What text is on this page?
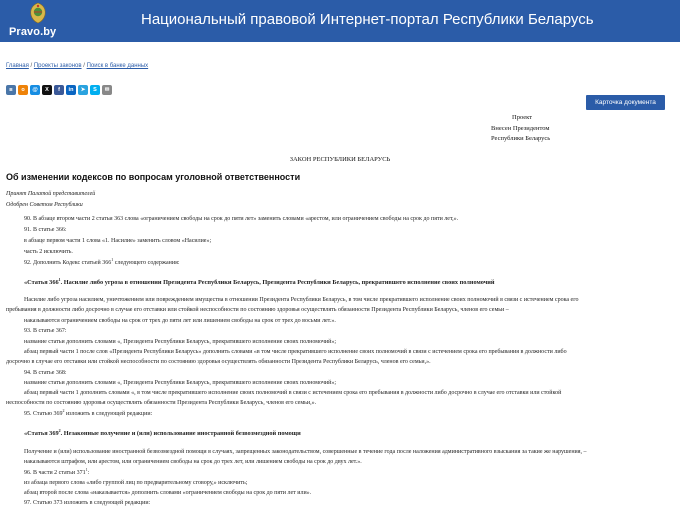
Pravo.by
Национальный правовой Интернет-портал Республики Беларусь
Главная / Проекты законов / Поиск в банке данных
в	о	@	X	f	in	➤	S	✉
Карточка документа
Проект
Внесен Президентом
Республики Беларусь
ЗАКОН РЕСПУБЛИКИ БЕЛАРУСЬ
Об изменении кодексов по вопросам уголовной ответственности
Принят Палатой представителей
Одобрен Советом Республики
90. В абзаце втором части 2 статьи 363 слова «ограничением свободы на срок до пяти лет» заменить словами «арестом, или ограничением свободы на срок до пяти лет,».
91. В статье 366:
в абзаце первом части 1 слова «1. Насилие» заменить словом «Насилие»;
часть 2 исключить.
92. Дополнить Кодекс статьей $366^1$ следующего содержания:
«Статья $366^1$. Насилие либо угроза в отношении Президента Республики Беларусь, Президента Республики Беларусь, прекратившего исполнение своих полномочий
Насилие либо угроза насилием, уничтожением или повреждением имущества в отношении Президента Республики Беларусь, в том числе прекратившего исполнение своих полномочий в связи с истечением срока его
пребывания в должности либо досрочно в случае его отставки или стойкой неспособности по состоянию здоровья осуществлять обязанности Президента Республики Беларусь, членов его семьи –
наказываются ограничением свободы на срок от трех до пяти лет или лишением свободы на срок от трех до восьми лет.».
93. В статье 367:
название статьи дополнить словами «, Президента Республики Беларусь, прекратившего исполнение своих полномочий»;
абзац первый части 1 после слов «Президента Республики Беларусь» дополнить словами «в том числе прекратившего исполнение своих полномочий в связи с истечением срока его пребывания в должности либо
досрочно в случае его отставки или стойкой неспособности по состоянию здоровья осуществлять обязанности Президента Республики Беларусь, членов его семьи,».
94. В статье 368:
название статьи дополнить словами «, Президента Республики Беларусь, прекратившего исполнение своих полномочий»;
абзац первый части 1 дополнить словами «, в том числе прекратившего исполнение своих полномочий в связи с истечением срока его пребывания в должности либо досрочно в случае его отставки или стойкой
неспособности по состоянию здоровья осуществлять обязанности Президента Республики Беларусь, членов его семьи,».
95. Статью $369^2$ изложить в следующей редакции:
«Статья $369^2$. Незаконные получение и (или) использование иностранной безвозмездной помощи
Получение и (или) использование иностранной безвозмездной помощи в случаях, запрещенных законодательством, совершенные в течение года после наложения административного взыскания за такие же нарушения, –
наказываются штрафом, или арестом, или ограничением свободы на срок до трех лет, или лишением свободы на срок до двух лет.».
96. В части 2 статьи $371^1$:
из абзаца первого слова «либо группой лиц по предварительному сговору,» исключить;
абзац второй после слова «наказывается» дополнить словами «ограничением свободы на срок до пяти лет или».
97. Статью 373 изложить в следующей редакции:
